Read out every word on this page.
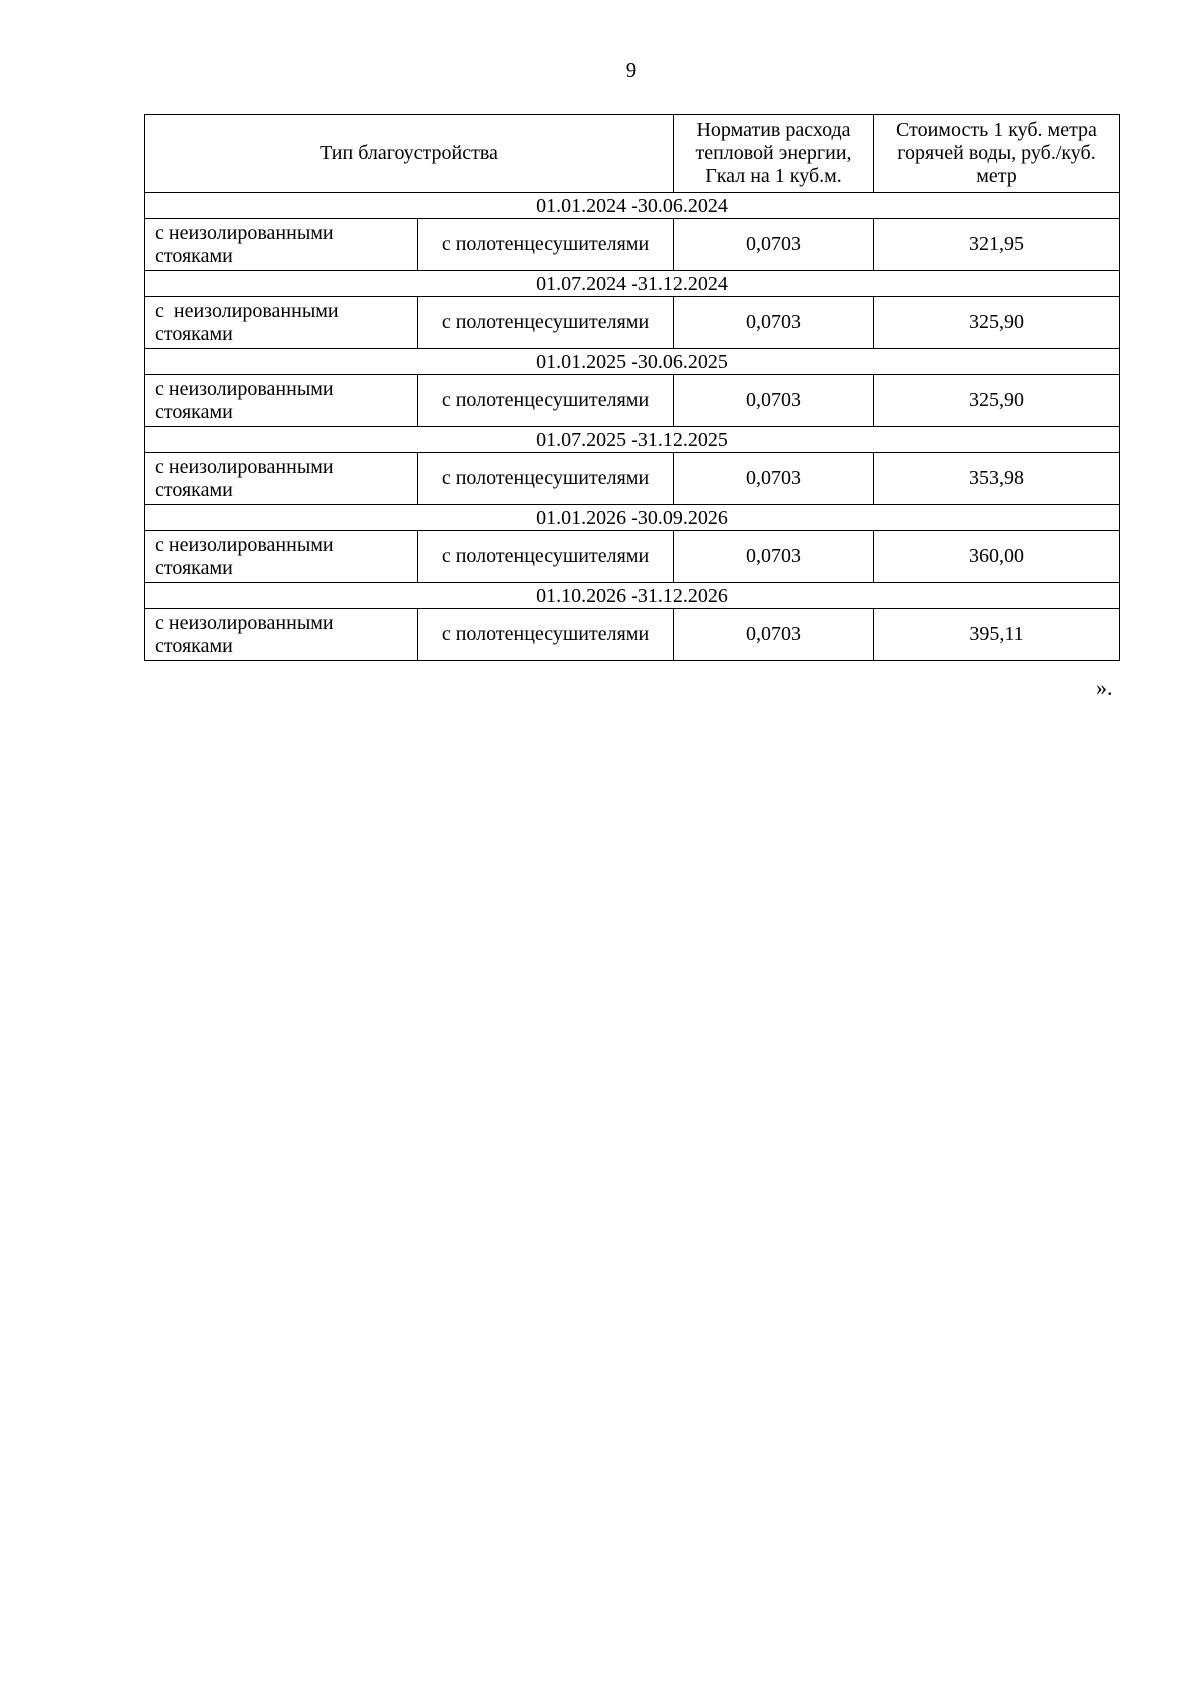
9
Тип благоустройства		Норматив расхода тепловой энергии, Гкал на 1 куб.м.	Стоимость 1 куб. метра горячей воды, руб./куб. метр
01.01.2024 -30.06.2024			
с неизолированными стояками	с полотенцесушителями	0,0703	321,95
01.07.2024 -31.12.2024			
с  неизолированными стояками	с полотенцесушителями	0,0703	325,90
01.01.2025 -30.06.2025			
с неизолированными стояками	с полотенцесушителями	0,0703	325,90
01.07.2025 -31.12.2025			
с неизолированными стояками	с полотенцесушителями	0,0703	353,98
01.01.2026 -30.09.2026			
с неизолированными стояками	с полотенцесушителями	0,0703	360,00
01.10.2026 -31.12.2026			
с неизолированными стояками	с полотенцесушителями	0,0703	395,11
».
